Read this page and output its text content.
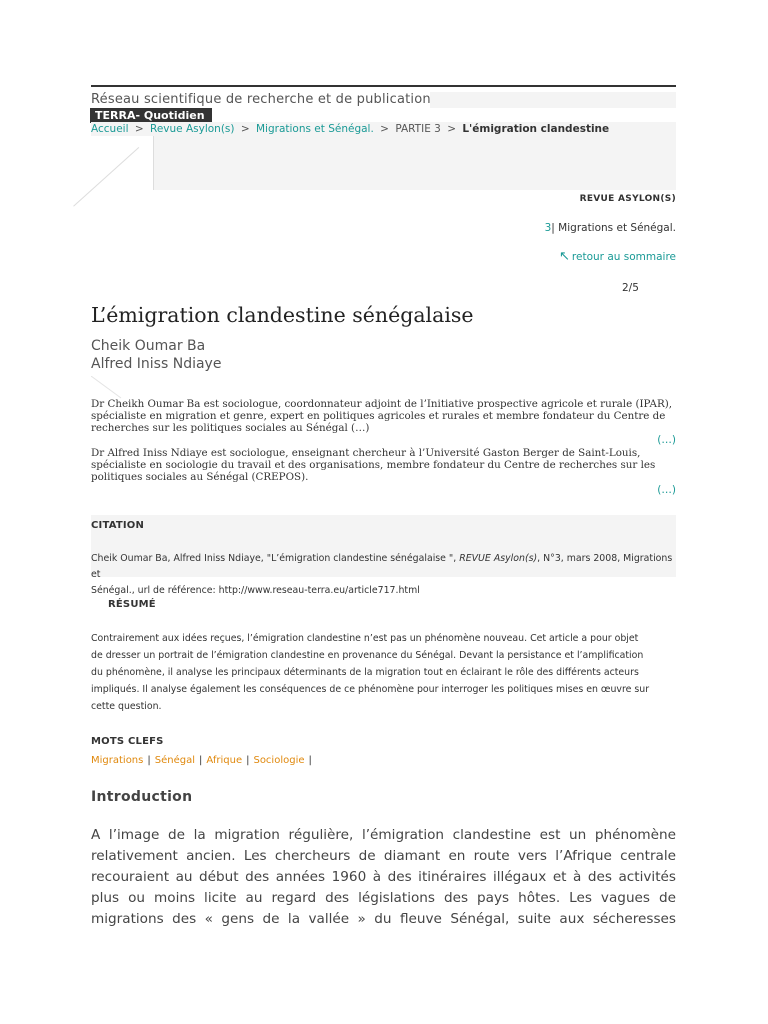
Réseau scientifique de recherche et de publication
TERRA- Quotidien
Accueil > Revue Asylon(s) > Migrations et Sénégal. > PARTIE 3 > L'émigration clandestine
REVUE ASYLON(S)
3| Migrations et Sénégal.
↖ retour au sommaire
2/5
L’émigration clandestine sénégalaise
Cheik Oumar Ba
Alfred Iniss Ndiaye
Dr Cheikh Oumar Ba est sociologue, coordonnateur adjoint de l’Initiative prospective agricole et rurale (IPAR),
spécialiste en migration et genre, expert en politiques agricoles et rurales et membre fondateur du Centre de
recherches sur les politiques sociales au Sénégal (…)
(…)
Dr Alfred Iniss Ndiaye est sociologue, enseignant chercheur à l’Université Gaston Berger de Saint-Louis,
spécialiste en sociologie du travail et des organisations, membre fondateur du Centre de recherches sur les
politiques sociales au Sénégal (CREPOS).
(…)
CITATION
Cheik Oumar Ba, Alfred Iniss Ndiaye, "L’émigration clandestine sénégalaise ", REVUE Asylon(s), N°3, mars 2008, Migrations et
Sénégal., url de référence: http://www.reseau-terra.eu/article717.html
RÉSUMÉ
Contrairement aux idées reçues, l’émigration clandestine n’est pas un phénomène nouveau. Cet article a pour objet
de dresser un portrait de l’émigration clandestine en provenance du Sénégal. Devant la persistance et l’amplification
du phénomène, il analyse les principaux déterminants de la migration tout en éclairant le rôle des différents acteurs
impliqués. Il analyse également les conséquences de ce phénomène pour interroger les politiques mises en œuvre sur
cette question.
MOTS CLEFS
Migrations | Sénégal | Afrique | Sociologie |
Introduction
A l’image de la migration régulière, l’émigration clandestine est un phénomène
relativement ancien. Les chercheurs de diamant en route vers l’Afrique centrale
recouraient au début des années 1960 à des itinéraires illégaux et à des activités
plus ou moins licite au regard des législations des pays hôtes. Les vagues de
migrations des « gens de la vallée » du fleuve Sénégal, suite aux sécheresses
